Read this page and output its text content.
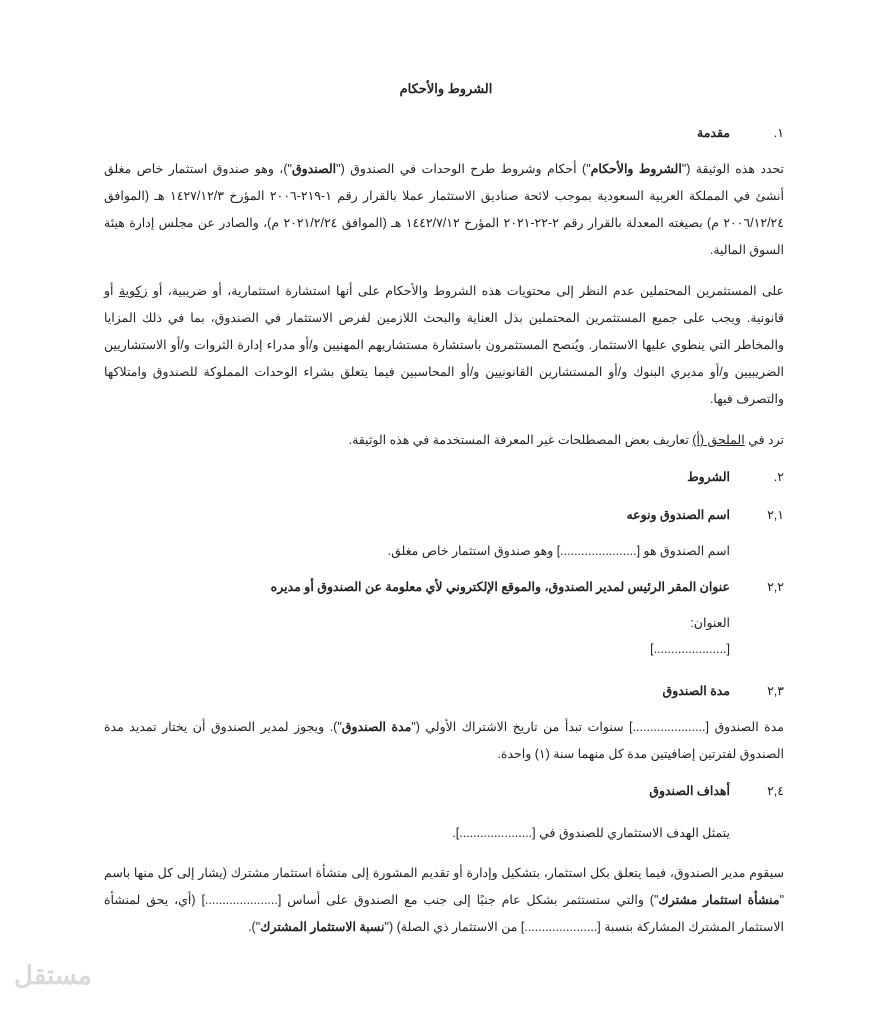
الشروط والأحكام
١.
مقدمة
تحدد هذه الوثيقة ("الشروط والأحكام") أحكام وشروط طرح الوحدات في الصندوق ("الصندوق")، وهو صندوق استثمار خاص مغلق أنشئ في المملكة العربية السعودية بموجب لائحة صناديق الاستثمار عملا بالقرار رقم ١-٢١٩-٢٠٠٦ المؤرخ ١٤٢٧/١٢/٣ هـ (الموافق ٢٠٠٦/١٢/٢٤ م) بصيغته المعدلة بالقرار رقم ٢-٢٢-٢٠٢١ المؤرخ ١٤٤٢/٧/١٢ هـ (الموافق ٢٠٢١/٢/٢٤ م)، والصادر عن مجلس إدارة هيئة السوق المالية.
على المستثمرين المحتملين عدم النظر إلى محتويات هذه الشروط والأحكام على أنها استشارة استثمارية، أو ضريبية، أو زكوية أو قانونية. ويجب على جميع المستثمرين المحتملين بذل العناية والبحث اللازمين لفرص الاستثمار في الصندوق، بما في ذلك المزايا والمخاطر التي ينطوي عليها الاستثمار. ويُنصح المستثمرون باستشارة مستشاريهم المهنيين و/أو مدراء إدارة الثروات و/أو الاستشاريين الضريبيين و/أو مديري البنوك و/أو المستشارين القانونيين و/أو المحاسبين فيما يتعلق بشراء الوحدات المملوكة للصندوق وامتلاكها والتصرف فيها.
ترد في الملحق (أ) تعاريف بعض المصطلحات غير المعرفة المستخدمة في هذه الوثيقة.
٢.
الشروط
٢,١
اسم الصندوق ونوعه
اسم الصندوق هو [......................] وهو صندوق استثمار خاص مغلق.
٢,٢
عنوان المقر الرئيس لمدير الصندوق، والموقع الإلكتروني لأي معلومة عن الصندوق أو مديره
العنوان:
[.....................]
٢,٣
مدة الصندوق
مدة الصندوق [.....................] سنوات تبدأ من تاريخ الاشتراك الأولي ("مدة الصندوق"). ويجوز لمدير الصندوق أن يختار تمديد مدة الصندوق لفترتين إضافيتين مدة كل منهما سنة (١) واحدة.
٢,٤
أهداف الصندوق
يتمثل الهدف الاستثماري للصندوق في [.....................].
سيقوم مدير الصندوق، فيما يتعلق بكل استثمار، بتشكيل وإدارة أو تقديم المشورة إلى منشأة استثمار مشترك (يشار إلى كل منها باسم "منشأة استثمار مشترك") والتي ستستثمر بشكل عام جنبًا إلى جنب مع الصندوق على أساس [.....................] (أي، يحق لمنشأة الاستثمار المشترك المشاركة بنسبة [.....................] من الاستثمار ذي الصلة) ("نسبة الاستثمار المشترك").
مستقل
